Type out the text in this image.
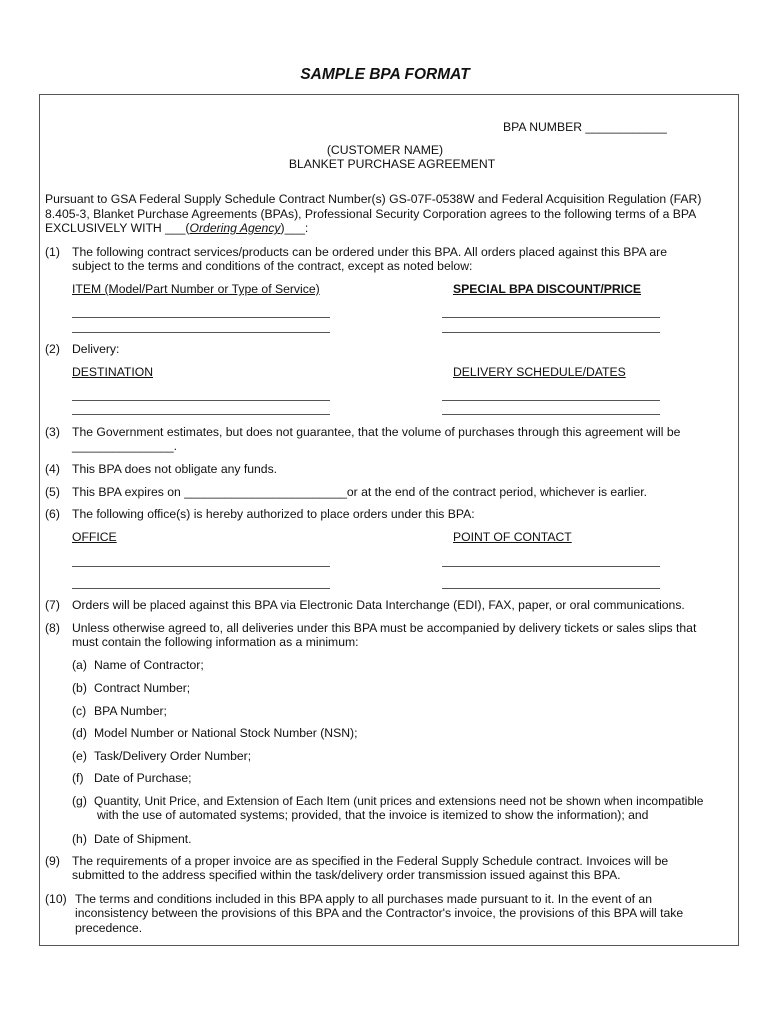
SAMPLE BPA FORMAT
BPA NUMBER ____________
(CUSTOMER NAME)
BLANKET PURCHASE AGREEMENT
Pursuant to GSA Federal Supply Schedule Contract Number(s) GS-07F-0538W and Federal Acquisition Regulation (FAR)
8.405-3, Blanket Purchase Agreements (BPAs), Professional Security Corporation agrees to the following terms of a BPA
EXCLUSIVELY WITH ___(Ordering Agency)___:
(1) The following contract services/products can be ordered under this BPA. All orders placed against this BPA are
subject to the terms and conditions of the contract, except as noted below:
ITEM (Model/Part Number or Type of Service)	SPECIAL BPA DISCOUNT/PRICE
(2) Delivery:
DESTINATION	DELIVERY SCHEDULE/DATES
(3) The Government estimates, but does not guarantee, that the volume of purchases through this agreement will be
_______________.
(4) This BPA does not obligate any funds.
(5) This BPA expires on ________________________or at the end of the contract period, whichever is earlier.
(6) The following office(s) is hereby authorized to place orders under this BPA:
OFFICE	POINT OF CONTACT
(7) Orders will be placed against this BPA via Electronic Data Interchange (EDI), FAX, paper, or oral communications.
(8) Unless otherwise agreed to, all deliveries under this BPA must be accompanied by delivery tickets or sales slips that
must contain the following information as a minimum:
(a) Name of Contractor;
(b) Contract Number;
(c) BPA Number;
(d) Model Number or National Stock Number (NSN);
(e) Task/Delivery Order Number;
(f) Date of Purchase;
(g) Quantity, Unit Price, and Extension of Each Item (unit prices and extensions need not be shown when incompatible
with the use of automated systems; provided, that the invoice is itemized to show the information); and
(h) Date of Shipment.
(9) The requirements of a proper invoice are as specified in the Federal Supply Schedule contract. Invoices will be
submitted to the address specified within the task/delivery order transmission issued against this BPA.
(10) The terms and conditions included in this BPA apply to all purchases made pursuant to it. In the event of an
inconsistency between the provisions of this BPA and the Contractor's invoice, the provisions of this BPA will take
precedence.
